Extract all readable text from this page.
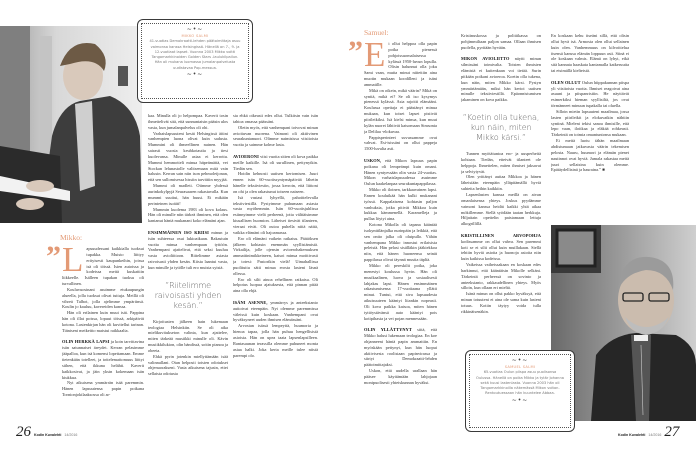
~•~
MIKKO SALMI
41-vuotias Demokraatti-lehden päätoimittaja asuu vaimonsa kanssa Helsingissä. Hänellä on 7-, 9- ja 12-vuotiaat lapset. Vuonna 2003 Mikko voitti Tangomarkkinoiden Golden Stars -laulukilpailun. Hän oli mukana luomassa jumalanpalvelusta uudistavaa Pop-messua.
~•~
Mikko:
” L apsuudessani kaikkialla tuoksui tupakka. Muisto liittyy erityisesti kaupunkeihin, joissa isä oli töissä. Isien autoissa ja kodeissa meitä kuskattiin liikkeelle. Isälleen tupakan tuoksu oli turvallinen.

Kouluvuosinani asuimme etukaupungin alueella, jolla tuoksut olivat tuttuja. Meillä oli vihreä Talbot, jolla ajelimme ympäriinsä. Koulin jo kauluu, kavereiden kanssa.

Hän oli erilainen kuin muut isät. Pappina hän oli illat poissa, lopuut töissä, arkipäivät kotona. Lastenkirjan hän oli kuvitellut tarinan. Tiäniseni meikeitto maistui raikkaalta.

OLIN HERKKÄ LAPSI ja koin tarvittavina isän satunnaiset äreydet. Kerran pelasimme jääpalloa, kun isä komensi lopettamaan. Emme tietenkään totelleet, ja tottelemattomuus liittyi siihen, että ikkuna helähti. Kaverit kaikkosivat, ja jäin yksin kokemaan isän kiukkua.

Nyt aikuisena ymmärrän isää paremmin. Hänen lapsuutensa papin poikana Tornionjokilaaksossa oli ar-

kaa. Minulla oli jo helpompaa. Kaverit tosin ihmettelivät sitä, että sunnuntaisin pääsin ulos vasta, kun jumalanpalvelus oli ohi.

Varhaislapsuuteni kesät Helsingissä äitini vanhempien luona olivat kuin sadusta. Mummini oli ihmeellinen nainen. Hän sairasti vuosia keuhkotautia ja tiesi kuolevansa. Minulle asiaa ei kerrottu. Mummi hemmotteli minua häpeämättä, vei Stockan lelunastolle valitsemaan mitä vain halusin. Kerran sain niin ison pehmoleijonan, että sen sullomisessa hissiin tarvittiin myyjää.

Mummi oli madleti. Otimme yhdessä aurinkokylpyjä Seurasaaren rakastavalla. Kun mummi suuttui, hän huusi. Ei mikään perinteinen isoäiti!

Mummin kuolema 1983 oli kova kolaus. Hän oli minulle niin tärkeä ihminen, että olen kantanut häntä mukanani koko elämäni ajan.

ENSIMMÄINEN ISO KRIISI minun ja isän suhteessa osui lukioaikaan. Rakastuin vuotta minua vanhempaan tyttöön. Vanhempani ajattelivat, että seksi kuuluu vasta avioliittoon. Riitelimme asiasta raivoisasti yhden kesän. Kiista laantui vasta, kun minulle ja tytölle tuli ero muista syistä.

”Riitelimme raivoisasti yhden kesän.”

Kirjoitusten jälkeen hain lukemaan teologiaa Helsinkiin. Se oli aika mielikuvitukseton valinta, kun ajattelee, miten tärkeää musiikki minulle oli. Kävin musiikkilukion, olin bändissä, soitin pianoa ja obeeta.

Ehkä pyrin jotenkin miellyttämään isää valinnallani. Otan helposti toisten odotukset ohjenuorakseni. Vasta aikuisena tajusin, ettei sellaista odotusta

sia ehkä oikeasti edes ollut. Tulkitsin vain isän tahtoa omassa päässäni.

Oletin myös, että vanhempani toivovat minun avioituvan nuorena. Vaimoni oli aktiivinen seurakuntanuori. Olimme naimisissa viisitoista vuotta ja saimme kolme lasta.

AVIOERONI viisi vuotta sitten oli kova paikka meille kaikille. Isä oli surullinen, pettynytkin. Tiedän sen.

Hoidin kehnosti uutisen kertomisen. Juuri ennen isän 60-vuotissyntymäpäivää lähetin hänelle tekstiviestin, jossa kerroin, että liittoni on ohi ja olen rakastunut toiseen naiseen.

Isä vastasi lyhyellä, pahoittelevalla tekstiviestillä. Pystyimme puhumaan asiasta vasta myöhemmin. Isän 60-vuotisjuhlissa esiinnyimme vielä perheenä, jotta välttäisimme kiusallisen huomion. Läheiset tiesivät tilanteen, vieraat eivät. Oli outoa puhella niitä näitä, vaikka elämäni oli hajoamassa.

Ero oli elämäni vaikein ratkaisu. Päätöksen jälkeen kohtasin enemmän syyllistämistä. Virkailija, jolle ojensin avioerohakemuksen ammattinimikkeineen, katsoi minua moittivasti ja totesi: Pastorikin vielä! Uimahallissa puolituttu sätti minua erosta lasteni läsnä ollessa.

Ero oli silti ainoa rehellinen ratkaisu. Oli helpotus luopua ajatuksesta, että pinnan pitää aina olla ehjä.

ISÄNI ASENNE, ymmärrys ja anteeksianto auttoivat eteenpäin. Nyt olemme paremmissa väleissä kuin koskaan. Vanhempani ovat hyväksyneet uuden ihmisen elämässäni.

Arvostan isässä lempeyttä, huumoria ja hienoa tapaa, jolla hän puhuu hengellisistä asioista. Hän on upea taata lapsenlapsilleen. Rantasaunan terassilla olemme puhuneet monta asiaa halki. Joka kerta meille tulee niistä parempi olo.

26 Kodin Kuvalehti 14/2016
Samuel:
” E i ollut helppoa olla papin poika pienessä pohjoissuomalaisessa kylässä 1950-luvun lopulla. Olisin halunnut olla joku Sami vaan, mutta minut niitettiin aina muotin mukaan koodilleni ja isäni ammatille.

Mikä on oikein, mikä väärin? Mikä on syntiä, mikä ei? Se oli iso kysymys pienessä kylässä. Asia rajoitti elämääni. Koulussa opettaja ei päästänyt minua mukaan, kun toiset lapset pistivät piirileikiksi. Isä kielsi minua, kun muut kylän nuoret lähtivät katsomaan Simsonia ja Delilaa -elokuvaa.

Pappisperinteet suvussamme ovat vahvat. Esi-isissäni on ollut pappeja 1500-luvulta asti.

USKON, että Mikon lapsuus papin poikana oli lempeämpi kuin omani. Hänen syntyessään olin vasta 24-vuotias. Mikon varhaislapsuudessa asuimme Oulun kaakelanpaa seurakuntapappilassa.

Mikko oli iloinen, tarkkaavainen lapsi. Ennen kouluikää hän kulki mukanani työssä. Kappalaisena kohtasin paljon vanhuksia, jotka pitivät Mikkoa kuin kukkaa kämmenellä. Karamelleja ja pullaa löytyi aina.

Kotona Mikolla oli tapana kääntää isokynttilänjalka nurinpäin ja leikkiä, että sen ontto jalka oli olutpullo. Vähän vanhempana Mikko innostui erilaisista peleistä. Hän pelasi sisälläkin jääkiekkoa niin, että hänen huoneensa seinät pappilassa olivat täynnä mustia täpliä.

Mikko oli pereskilti poika, joka menestyi koulussa hyvin. Hän oli musikaalinen, luova ja sosiaalisesti lahjakas lapsi. Hänen ensimmäinen rakastumisensa 17-vuotiaana yllätti minut. Tuntui, että siva lapsuudesta aikuisuuteen kääntyi liiankin nopeasti. Oli kova paikka katsoa, miten hänen tyttöystävänsä auto kääntyi pois kotipihasta ja vei pojan mennessään.

OLIN YLLÄTTYNYT siitä, että Mikko halusi lukemaan teologiaa. En koe ohjanneeni häntä papin ammattiin. En myöskään pettynyt, kun hän luopui aktiivisesta roolistaan papinvirassa ja siirtyi Demokraatti-lehden päätoimittajaksi.

Uskon, että uudella urallaan hän pääsee käyttämään lahjojaan monipuolisesti yhteiskunnan hyväksi.

Kristinuskossa ja politiikassa on pohjimmiltaan paljon samaa. Ollaan ihmisen puolella, pyritään hyvään.

MIKON AVIOLIITTO näytti minun silmissäni toimivalta. Toisten ihmisten elämistä ei kuitenkaan voi tietää. Surin pitkään poikani avioeroa. Koetin olla tukena, kun näin, miten Mikko kärsi. Pystyn ymmärtämään, miksi hän kertoi uutisen minulle tekstiviestillä. Epäonnistumisen jakaminen on kova paikka.

”Koetin olla tukena, kun näin, miten Mikko kärsi.”

Tunnen myötätuntoa ero- ja uusperheitä kohtaan. Tiedän, etteivät tilanteet ole helppoja. Ihmettelen, miten ihmiset jaksavat ja selviytyvät.

Olen yrittänyt auttaa Mikkoa ja hänen läheisiään eteenpäin ylläpitämällä hyviä suhteita heihin kaikkiin.

Lapsenlasten kanssa meillä on aivan omanlaisensa yhteys. Joskus pyydämme vaimoni kanssa heidät kaikki yhtä aikaa mökillemme. Siellä syödään taatan herkkuja. Hiljattain opettelin paistamaan lettuja alkogrillillä.

KRISTILLINEN ARVOPOHJA kodissamme on ollut vahva. Sen paremmi koti se ei silti ollut kuin muillakaan. Siellä tehtiin hyviä asioita ja huonoja asioita niin kuin kaikissa kodeissa.

Vaikeissa vaiheissakaan en koskaan edes harkinnut, että kääntäisin Mikolle selkäni. Tärkeintä perheessä on sovinto ja anteeksianto, rakkaudellinen yhteys. Myös silloin, kun ollaan eri mieltä.

Isänä minun on ollut pakko hyväksyä, että minun totuuteni ei aina ole sama kuin lasteni totuus. Kotiin täytyy voida tulla rikkinäisenäkin.

En koskaan kehu itseäni sillä, että olisin ollut hyvä isä. Armosta olen ollut sellainen kuin olen. Vanhemmuus on kilvoittelua itsensä kanssa elämän loppuun asti. Siinä ei ole koskaan valmis. Elämä on lyhyt, eikä sitä kannata haaskata kantamalla katkeruutta tai etsimällä kielteistä.

OLEN OLLUT Oulun hiippakunnan piispa yli viisitoista vuotta. Ihmiset reagoivat aina asuuni ja piispanristiin. He näyttävät esimerkiksi hieman syyllisiltä, jos ovat törmänneet minuun tupakalla tai oluella.

Silloin mietin lapsuuteni maailmaa, jossa lasten piirileikit ja elokuvatkin nähtiin syntinä. Mieleni tekisi sanoa ihmisille, että lepo vaan, iloitkaa ja eläkää rohkeasti. Tärkeintä on toimia omantuntonsa mukaan.

Ei meitä luotu tähän maailmaan ahdistumaan jatkuvasta väärin tekemisen pelosta. Nauru, huumori ja elämän pienet nautinnot ovat hyviä. Jumala rakastaa meitä juuri sellaisina kuin olemme. Epätäydellisinä ja hauraina.” ■

~•~
SAMUEL SALMI
65-vuotias Oulun piispa asuu puolisonsa Oulussa. Hänellä on poika Mikko ja tytär Johanna sekä kuusi lastenlasta. Vuonna 2003 hän oli Tangomarkkinoilla näkemässä Mikon voiton. Rentoutuessaan hän kuuntelee Abbaa.
~•~
Kodin Kuvalehti 14/2016 27
